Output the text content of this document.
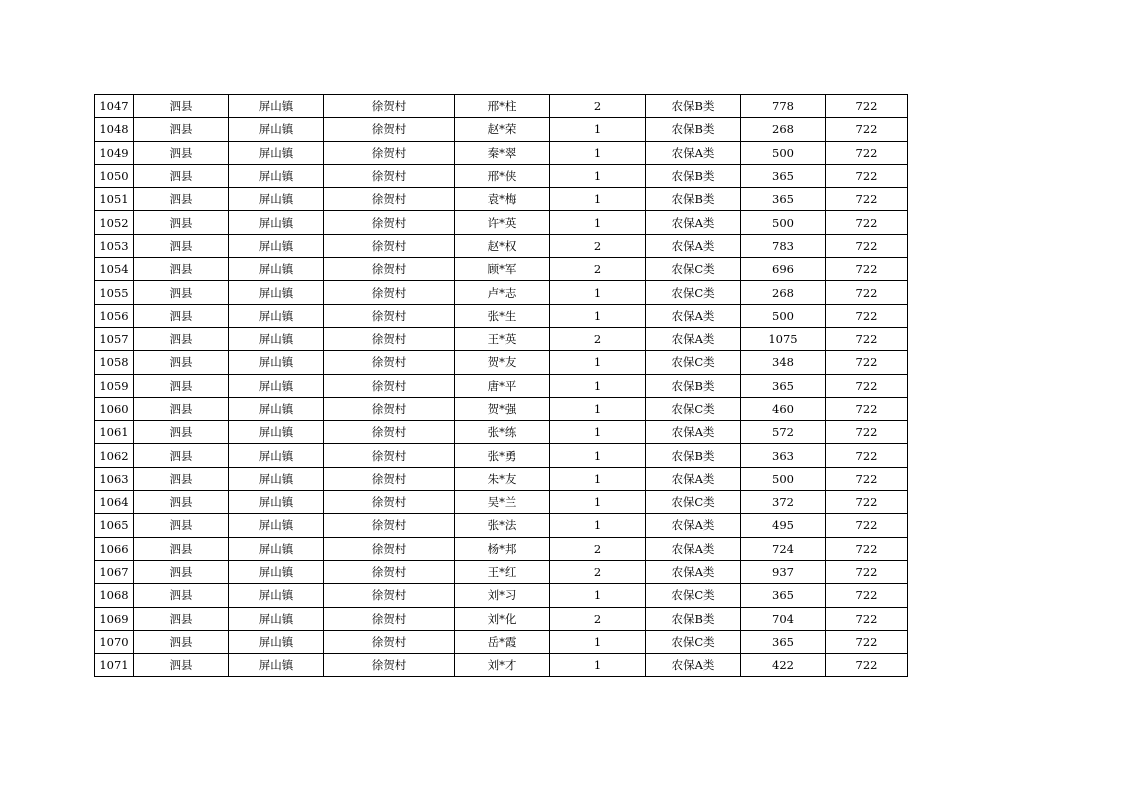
1047	泗县	屏山镇	徐贺村	邢*柱	2	农保B类	778	722
1048	泗县	屏山镇	徐贺村	赵*荣	1	农保B类	268	722
1049	泗县	屏山镇	徐贺村	秦*翠	1	农保A类	500	722
1050	泗县	屏山镇	徐贺村	邢*侠	1	农保B类	365	722
1051	泗县	屏山镇	徐贺村	袁*梅	1	农保B类	365	722
1052	泗县	屏山镇	徐贺村	许*英	1	农保A类	500	722
1053	泗县	屏山镇	徐贺村	赵*权	2	农保A类	783	722
1054	泗县	屏山镇	徐贺村	顾*军	2	农保C类	696	722
1055	泗县	屏山镇	徐贺村	卢*志	1	农保C类	268	722
1056	泗县	屏山镇	徐贺村	张*生	1	农保A类	500	722
1057	泗县	屏山镇	徐贺村	王*英	2	农保A类	1075	722
1058	泗县	屏山镇	徐贺村	贺*友	1	农保C类	348	722
1059	泗县	屏山镇	徐贺村	唐*平	1	农保B类	365	722
1060	泗县	屏山镇	徐贺村	贺*强	1	农保C类	460	722
1061	泗县	屏山镇	徐贺村	张*练	1	农保A类	572	722
1062	泗县	屏山镇	徐贺村	张*勇	1	农保B类	363	722
1063	泗县	屏山镇	徐贺村	朱*友	1	农保A类	500	722
1064	泗县	屏山镇	徐贺村	吴*兰	1	农保C类	372	722
1065	泗县	屏山镇	徐贺村	张*法	1	农保A类	495	722
1066	泗县	屏山镇	徐贺村	杨*邦	2	农保A类	724	722
1067	泗县	屏山镇	徐贺村	王*红	2	农保A类	937	722
1068	泗县	屏山镇	徐贺村	刘*习	1	农保C类	365	722
1069	泗县	屏山镇	徐贺村	刘*化	2	农保B类	704	722
1070	泗县	屏山镇	徐贺村	岳*霞	1	农保C类	365	722
1071	泗县	屏山镇	徐贺村	刘*才	1	农保A类	422	722
